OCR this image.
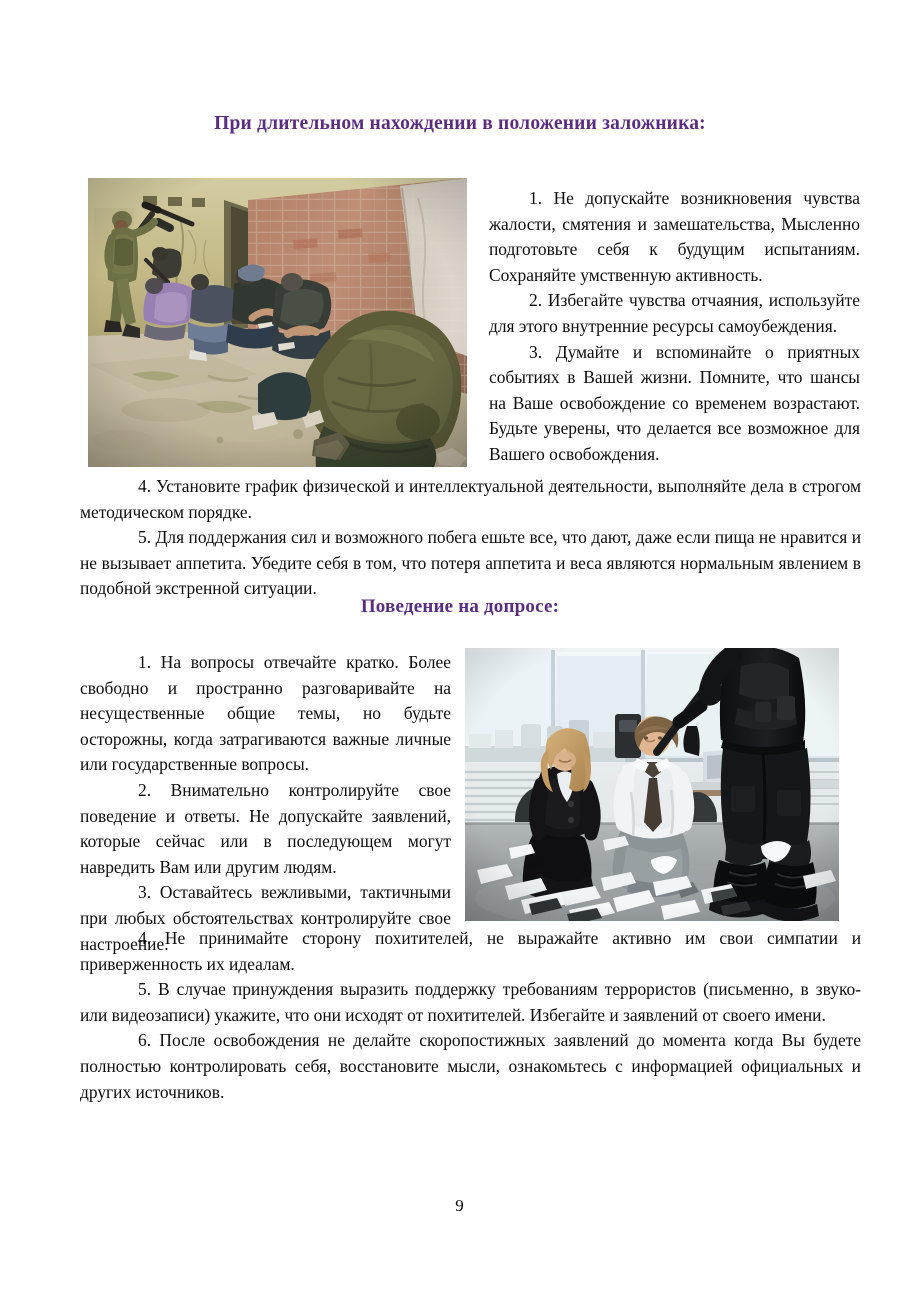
При длительном нахождении в положении заложника:

1. Не допускайте возникновения чувства жалости, смятения и замешательства, Мысленно подготовьте себя к будущим испытаниям. Сохраняйте умственную активность.

2. Избегайте чувства отчаяния, используйте для этого внутренние ресурсы самоубеждения.

3. Думайте и вспоминайте о приятных событиях в Вашей жизни. Помните, что шансы на Ваше освобождение со временем возрастают. Будьте уверены, что делается все возможное для Вашего освобождения.

4. Установите график физической и интеллектуальной деятельности, выполняйте дела в строгом методическом порядке.

5. Для поддержания сил и возможного побега ешьте все, что дают, даже если пища не нравится и не вызывает аппетита. Убедите себя в том, что потеря аппетита и веса являются нормальным явлением в подобной экстренной ситуации.

Поведение на допросе:

1. На вопросы отвечайте кратко. Более свободно и пространно разговаривайте на несущественные общие темы, но будьте осторожны, когда затрагиваются важные личные или государственные вопросы.

2. Внимательно контролируйте свое поведение и ответы. Не допускайте заявлений, которые сейчас или в последующем могут навредить Вам или другим людям.

3. Оставайтесь вежливыми, тактичными при любых обстоятельствах контролируйте свое настроение.

4. Не принимайте сторону похитителей, не выражайте активно им свои симпатии и приверженность их идеалам.

5. В случае принуждения выразить поддержку требованиям террористов (письменно, в звуко- или видеозаписи) укажите, что они исходят от похитителей. Избегайте и заявлений от своего имени.

6. После освобождения не делайте скоропостижных заявлений до момента когда Вы будете полностью контролировать себя, восстановите мысли, ознакомьтесь с информацией официальных и других источников.

9
